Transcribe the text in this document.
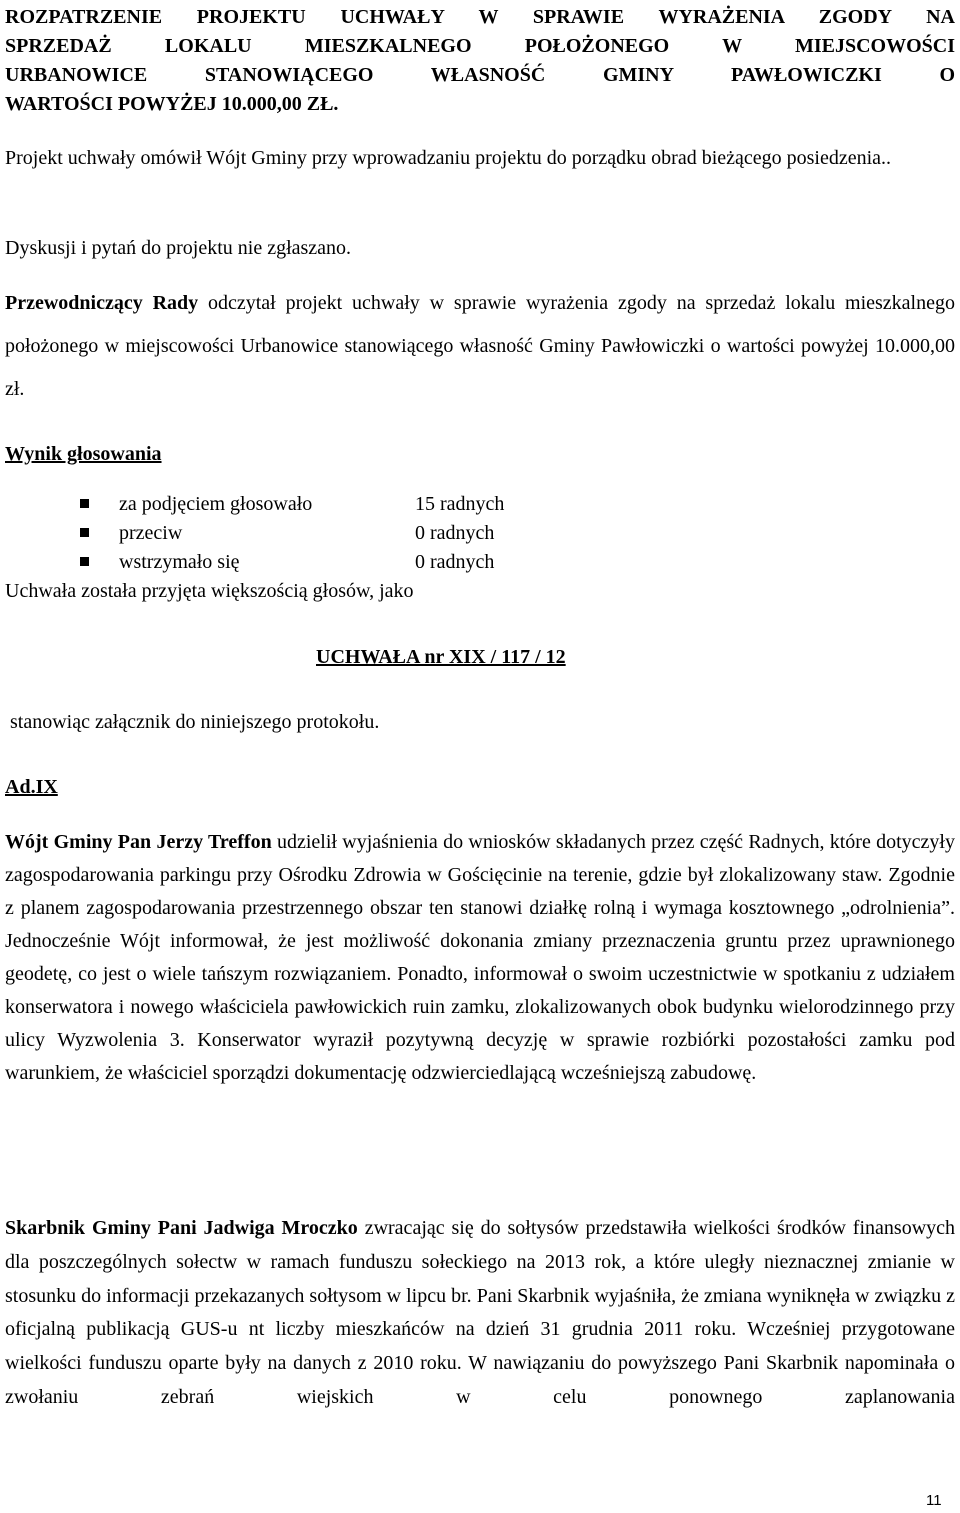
ROZPATRZENIE PROJEKTU UCHWAŁY W SPRAWIE WYRAŻENIA ZGODY NA
SPRZEDAŻ LOKALU MIESZKALNEGO POŁOŻONEGO W MIEJSCOWOŚCI
URBANOWICE STANOWIĄCEGO WŁASNOŚĆ GMINY PAWŁOWICZKI O
WARTOŚCI POWYŻEJ 10.000,00 ZŁ.

Projekt uchwały omówił Wójt Gminy przy wprowadzaniu projektu do porządku obrad bieżącego posiedzenia..

Dyskusji i pytań do projektu nie zgłaszano.

Przewodniczący Rady odczytał projekt uchwały w sprawie wyrażenia zgody na sprzedaż lokalu mieszkalnego położonego w miejscowości Urbanowice stanowiącego własność Gminy Pawłowiczki o wartości powyżej 10.000,00 zł.

Wynik głosowania
za podjęciem głosowało	15 radnych
przeciw	0 radnych
wstrzymało się	0 radnych
Uchwała została przyjęta większością głosów, jako
UCHWAŁA nr XIX / 117 / 12
stanowiąc załącznik do niniejszego protokołu.
Ad.IX

Wójt Gminy Pan Jerzy Treffon udzielił wyjaśnienia do wniosków składanych przez część Radnych, które dotyczyły zagospodarowania parkingu przy Ośrodku Zdrowia w Gościęcinie na terenie, gdzie był zlokalizowany staw. Zgodnie z planem zagospodarowania przestrzennego obszar ten stanowi działkę rolną i wymaga kosztownego „odrolnienia”. Jednocześnie Wójt informował, że jest możliwość dokonania zmiany przeznaczenia gruntu przez uprawnionego geodetę, co jest o wiele tańszym rozwiązaniem. Ponadto, informował o swoim uczestnictwie w spotkaniu z udziałem konserwatora i nowego właściciela pawłowickich ruin zamku, zlokalizowanych obok budynku wielorodzinnego przy ulicy Wyzwolenia 3. Konserwator wyraził pozytywną decyzję w sprawie rozbiórki pozostałości zamku pod warunkiem, że właściciel sporządzi dokumentację odzwierciedlającą wcześniejszą zabudowę.

Skarbnik Gminy Pani Jadwiga Mroczko zwracając się do sołtysów przedstawiła wielkości środków finansowych dla poszczególnych sołectw w ramach funduszu sołeckiego na 2013 rok, a które uległy nieznacznej zmianie w stosunku do informacji przekazanych sołtysom w lipcu br. Pani Skarbnik wyjaśniła, że zmiana wyniknęła w związku z oficjalną publikacją GUS-u nt liczby mieszkańców na dzień 31 grudnia 2011 roku. Wcześniej przygotowane wielkości funduszu oparte były na danych z 2010 roku. W nawiązaniu do powyższego Pani Skarbnik napominała o zwołaniu zebrań wiejskich w celu ponownego zaplanowania

11
